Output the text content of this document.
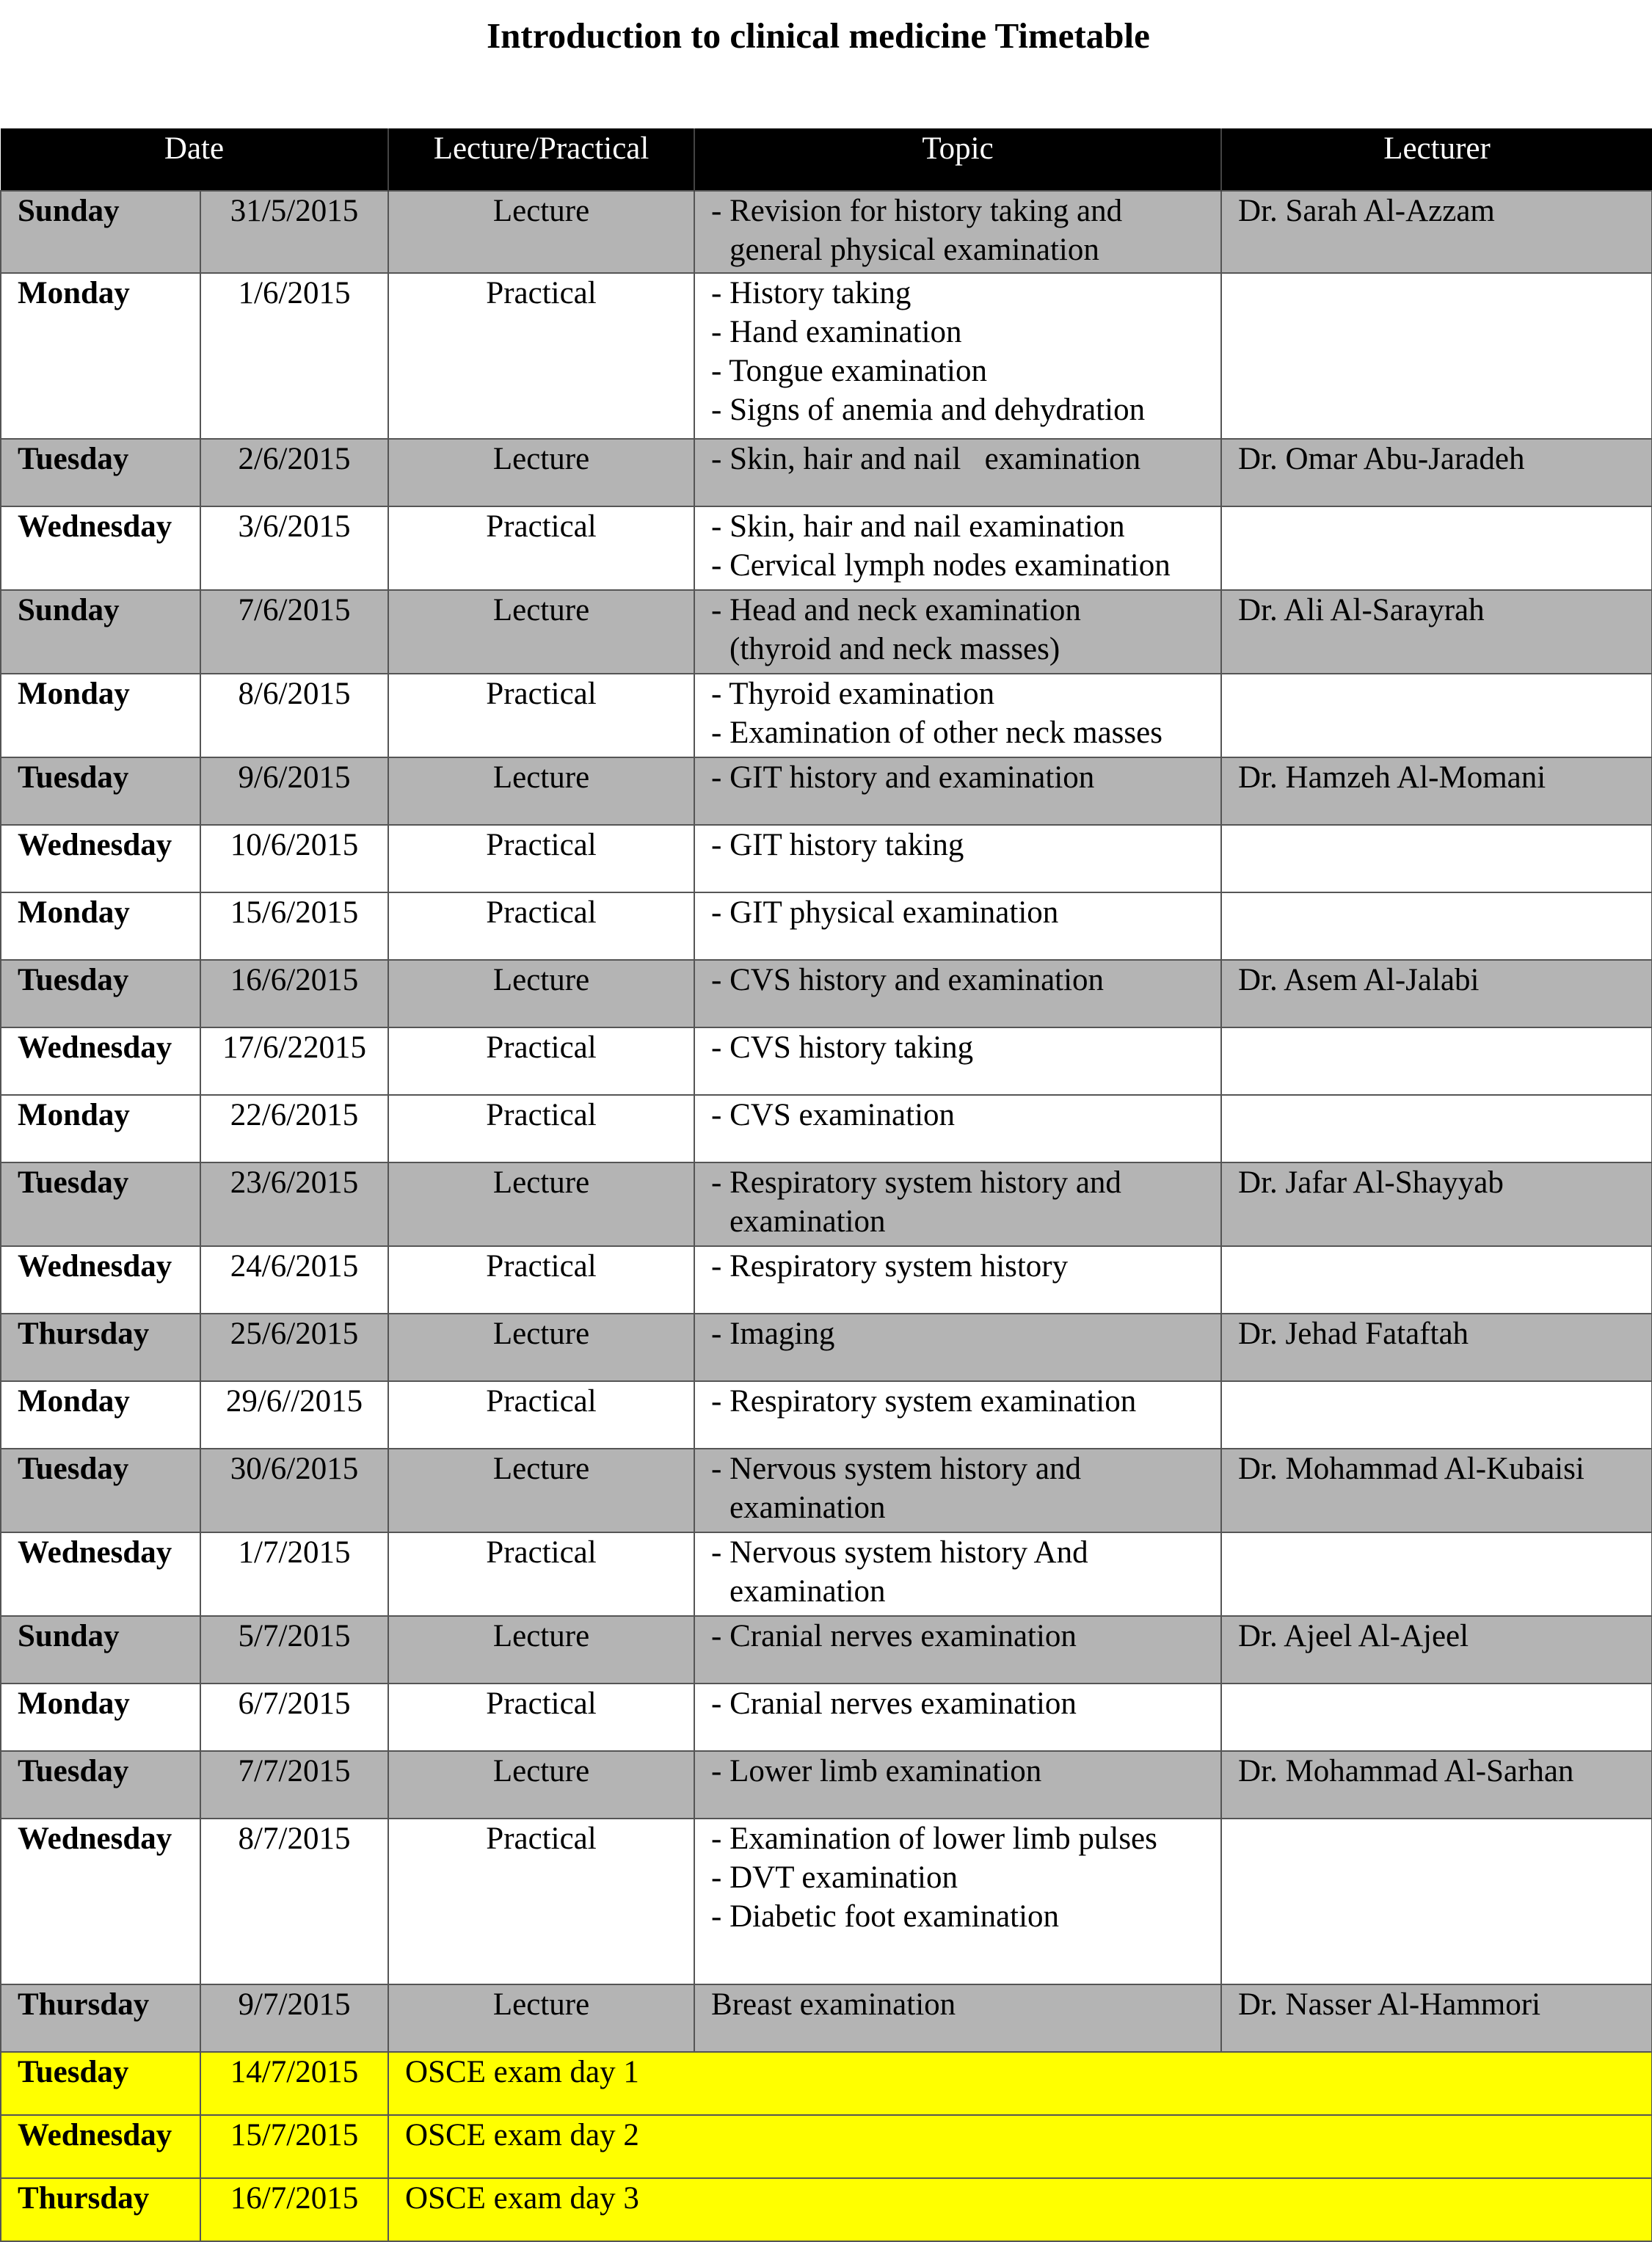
Introduction to clinical medicine Timetable
Date		Lecture/Practical	Topic	Lecturer
Sunday	31/5/2015	Lecture	- Revision for history taking and
general physical examination	Dr. Sarah Al-Azzam
Monday	1/6/2015	Practical	- History taking
- Hand examination
- Tongue examination
- Signs of anemia and dehydration	

Tuesday	2/6/2015	Lecture	- Skin, hair and nail   examination	Dr. Omar Abu-Jaradeh
Wednesday	3/6/2015	Practical	- Skin, hair and nail examination
- Cervical lymph nodes examination	

Sunday	7/6/2015	Lecture	- Head and neck examination
(thyroid and neck masses)	Dr. Ali Al-Sarayrah
Monday	8/6/2015	Practical	- Thyroid examination
- Examination of other neck masses	

Tuesday	9/6/2015	Lecture	- GIT history and examination	Dr. Hamzeh Al-Momani
Wednesday	10/6/2015	Practical	- GIT history taking	

Monday	15/6/2015	Practical	- GIT physical examination	

Tuesday	16/6/2015	Lecture	- CVS history and examination	Dr. Asem Al-Jalabi
Wednesday	17/6/22015	Practical	- CVS history taking	

Monday	22/6/2015	Practical	- CVS examination	

Tuesday	23/6/2015	Lecture	- Respiratory system history and
examination	Dr. Jafar Al-Shayyab
Wednesday	24/6/2015	Practical	- Respiratory system history	

Thursday	25/6/2015	Lecture	- Imaging	Dr. Jehad Fataftah
Monday	29/6//2015	Practical	- Respiratory system examination	

Tuesday	30/6/2015	Lecture	- Nervous system history and
examination	Dr. Mohammad Al-Kubaisi
Wednesday	1/7/2015	Practical	- Nervous system history And
examination	

Sunday	5/7/2015	Lecture	- Cranial nerves examination	Dr. Ajeel Al-Ajeel
Monday	6/7/2015	Practical	- Cranial nerves examination	

Tuesday	7/7/2015	Lecture	- Lower limb examination	Dr. Mohammad Al-Sarhan
Wednesday	8/7/2015	Practical	- Examination of lower limb pulses
- DVT examination
- Diabetic foot examination	

Thursday	9/7/2015	Lecture	Breast examination	Dr. Nasser Al-Hammori
Tuesday	14/7/2015	OSCE exam day 1		
Wednesday	15/7/2015	OSCE exam day 2		
Thursday	16/7/2015	OSCE exam day 3		
